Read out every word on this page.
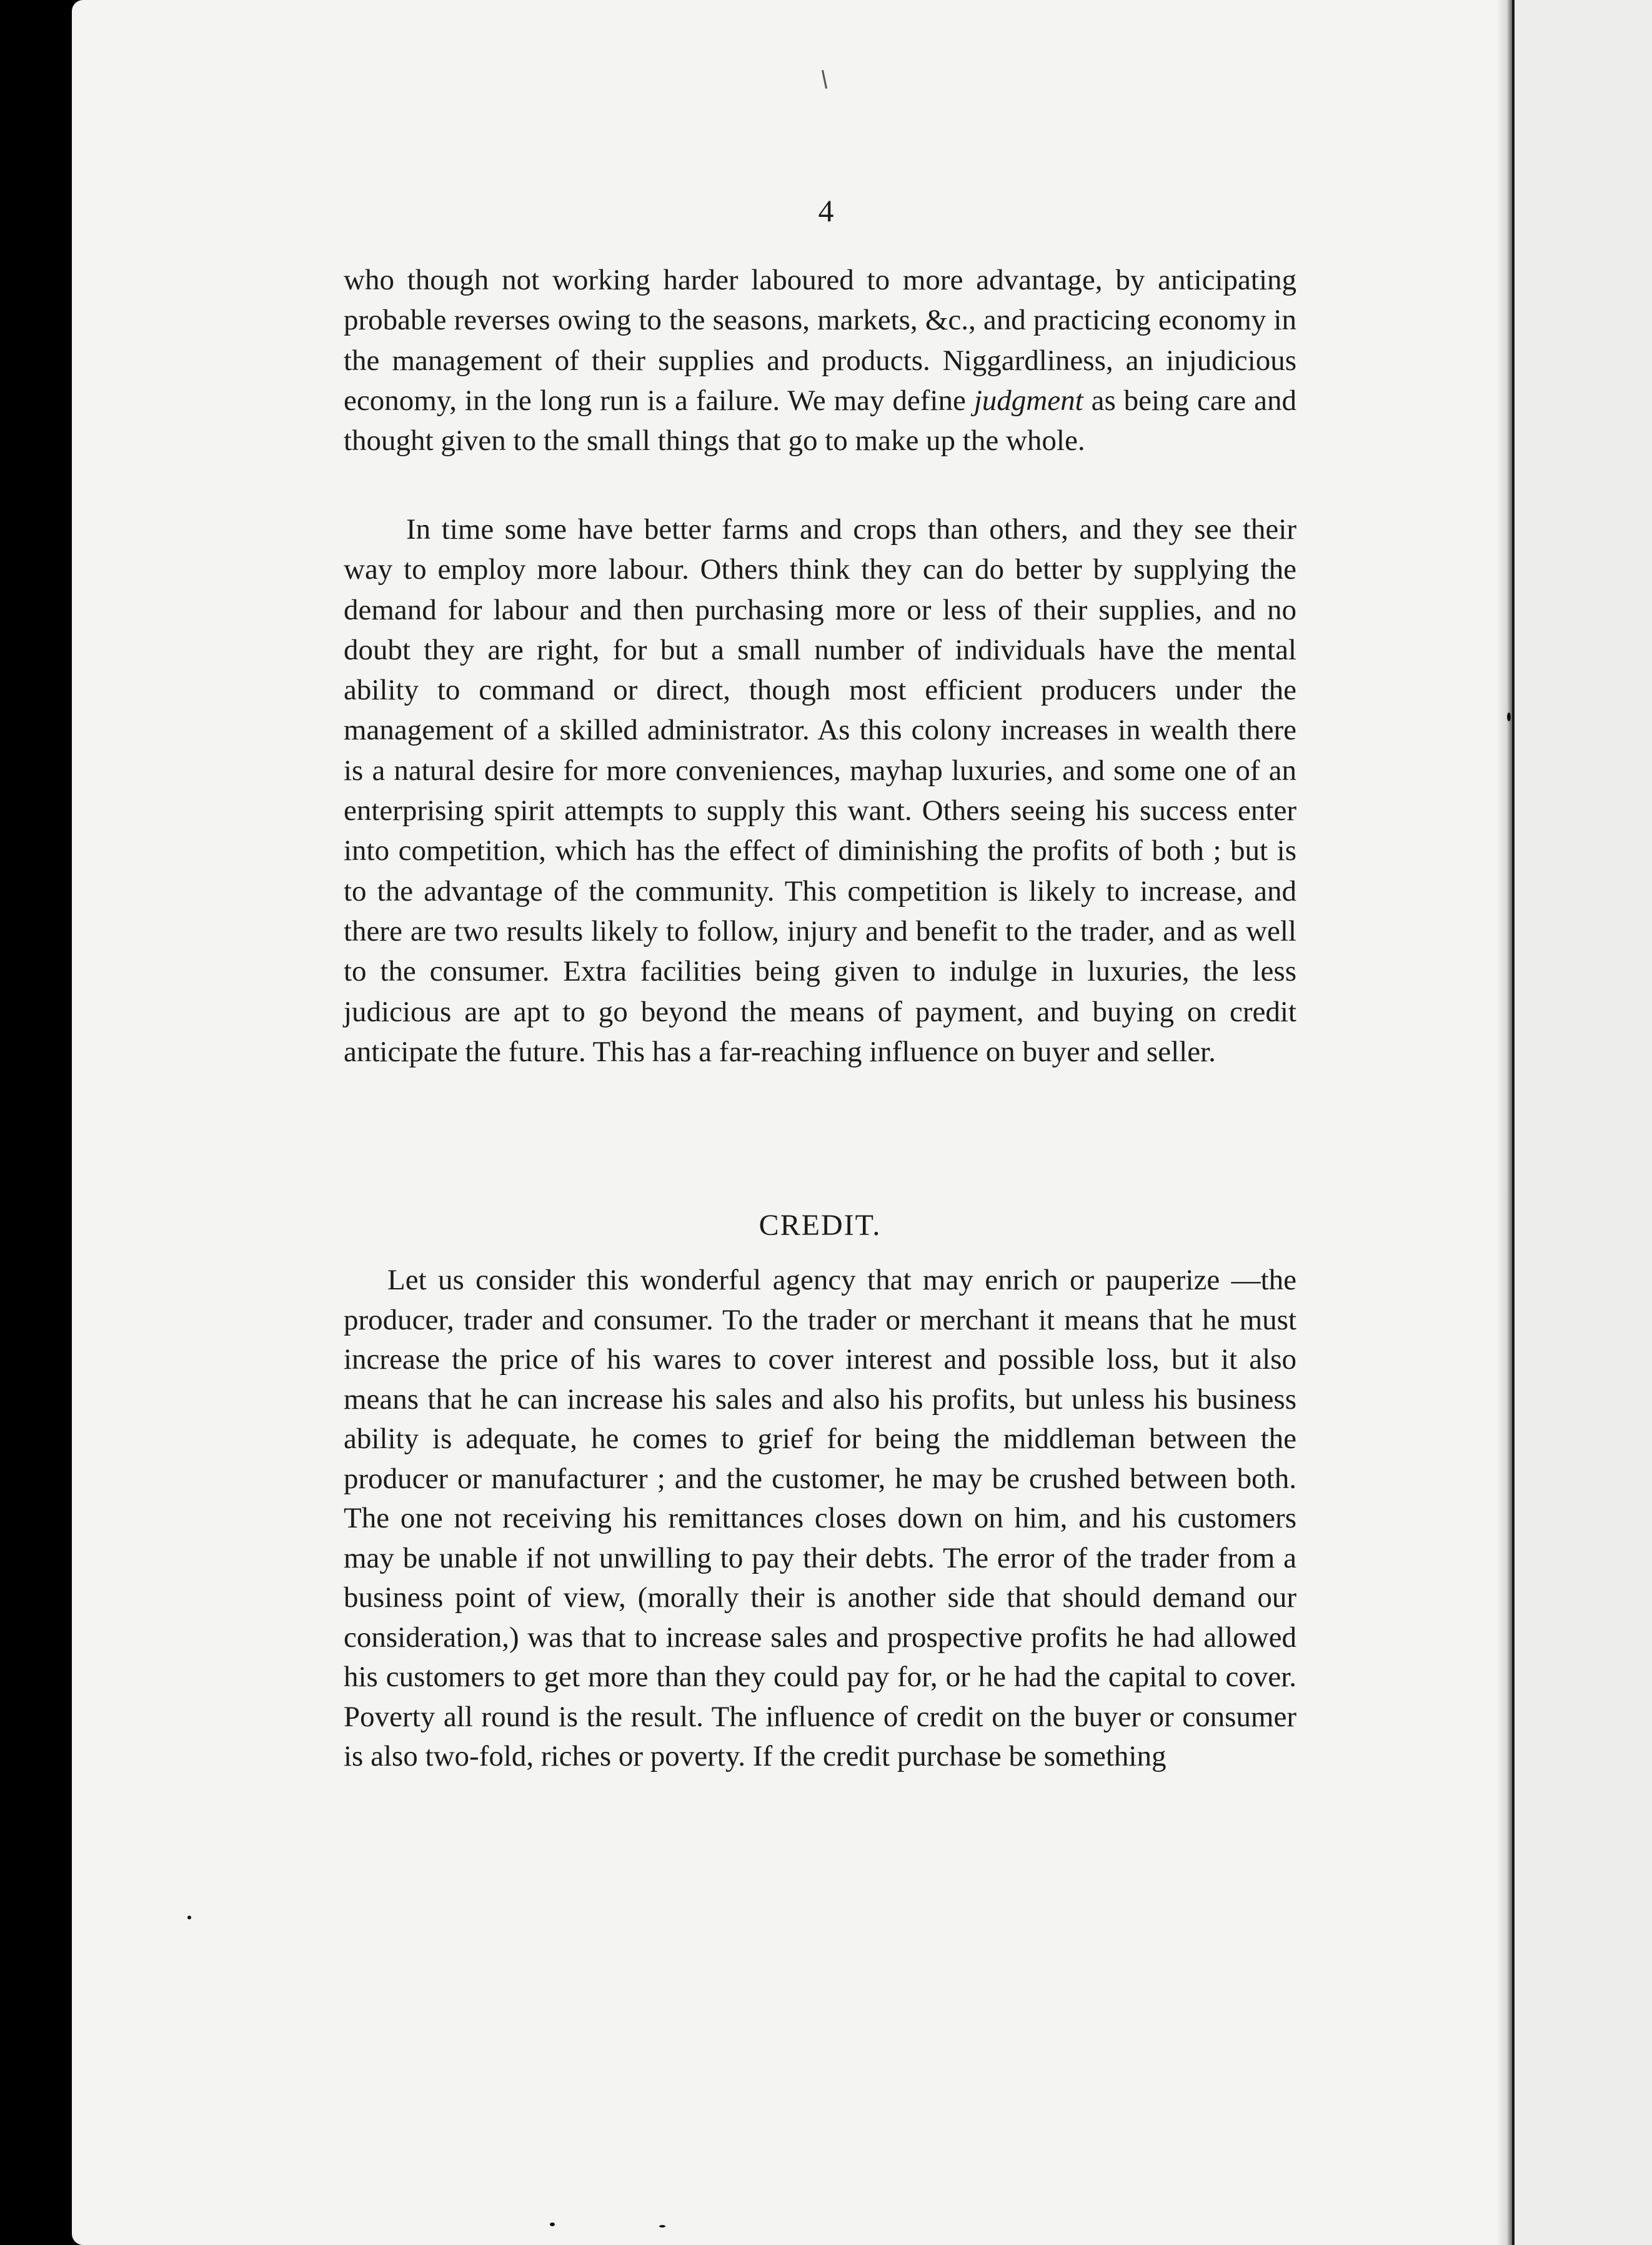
4
who though not working harder laboured to more advantage, by anticipating probable reverses owing to the seasons, markets, &c., and practicing economy in the management of their supplies and products. Niggardliness, an injudicious economy, in the long run is a failure. We may define judgment as being care and thought given to the small things that go to make up the whole.
In time some have better farms and crops than others, and they see their way to employ more labour. Others think they can do better by supplying the demand for labour and then purchasing more or less of their supplies, and no doubt they are right, for but a small number of individuals have the mental ability to command or direct, though most efficient producers under the management of a skilled administrator. As this colony increases in wealth there is a natural desire for more conveniences, mayhap luxuries, and some one of an enterprising spirit attempts to supply this want. Others seeing his success enter into competition, which has the effect of diminishing the profits of both ; but is to the advantage of the community. This competition is likely to increase, and there are two results likely to follow, injury and benefit to the trader, and as well to the consumer. Extra facilities being given to indulge in luxuries, the less judicious are apt to go beyond the means of payment, and buying on credit anticipate the future. This has a far-reaching influence on buyer and seller.
CREDIT.
Let us consider this wonderful agency that may enrich or pauperize —the producer, trader and consumer. To the trader or merchant it means that he must increase the price of his wares to cover interest and possible loss, but it also means that he can increase his sales and also his profits, but unless his business ability is adequate, he comes to grief for being the middleman between the producer or manufacturer ; and the customer, he may be crushed between both. The one not receiving his remittances closes down on him, and his customers may be unable if not unwilling to pay their debts. The error of the trader from a business point of view, (morally their is another side that should demand our consideration,) was that to increase sales and prospective profits he had allowed his customers to get more than they could pay for, or he had the capital to cover. Poverty all round is the result. The influence of credit on the buyer or consumer is also two-fold, riches or poverty. If the credit purchase be something
